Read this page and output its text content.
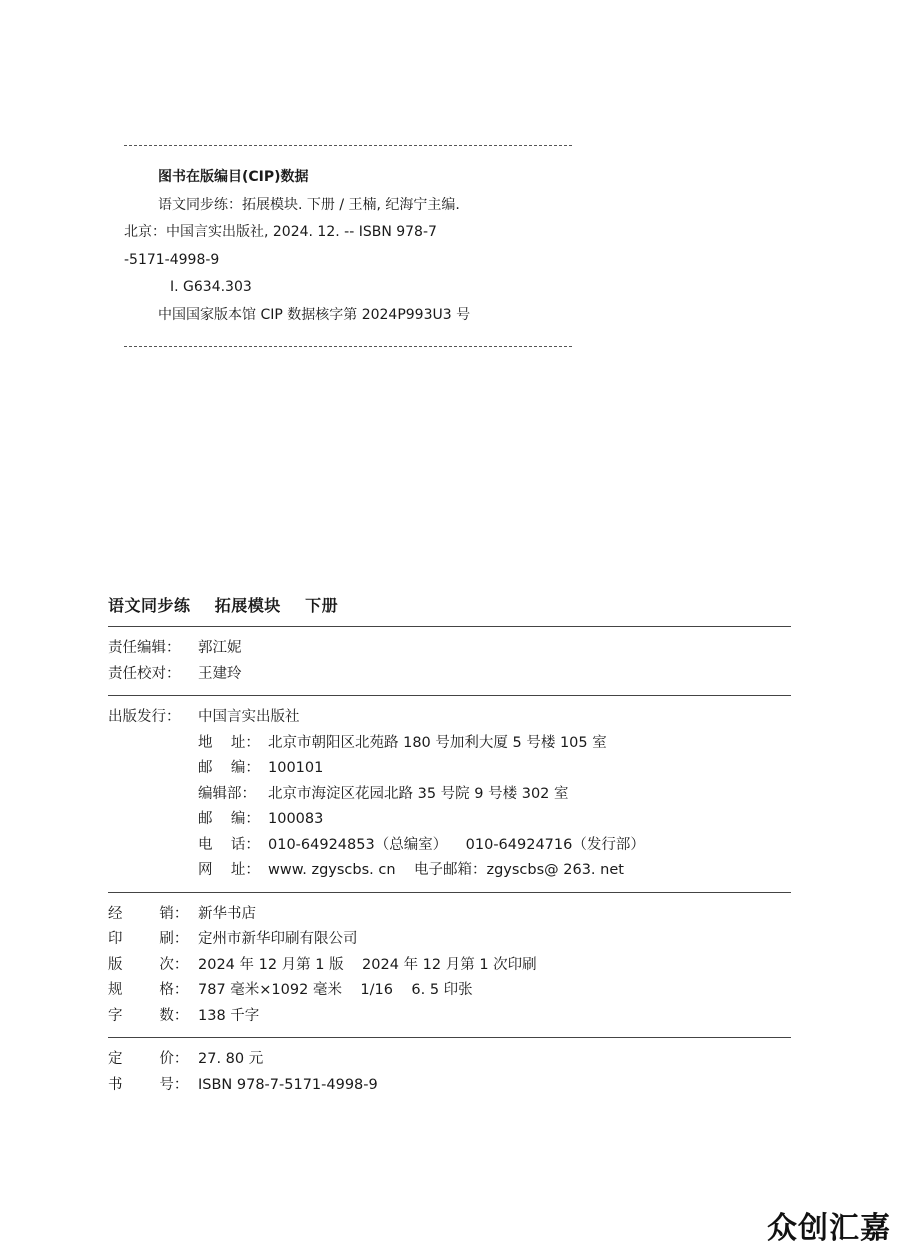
图书在版编目(CIP)数据
语文同步练：拓展模块. 下册 / 王楠, 纪海宁主编.
北京：中国言实出版社, 2024. 12. -- ISBN 978-7
-5171-4998-9
Ⅰ. G634.303
中国国家版本馆 CIP 数据核字第 2024P993U3 号
语文同步练    拓展模块    下册
责任编辑：	郭江妮
责任校对：	王建玲
出版发行：	中国言实出版社
地    址： 北京市朝阳区北苑路 180 号加利大厦 5 号楼 105 室
邮    编： 100101
编辑部： 北京市海淀区花园北路 35 号院 9 号楼 302 室
邮    编： 100083
电    话： 010-64924853（总编室）    010-64924716（发行部）
网    址： www. zgyscbs. cn    电子邮箱：zgyscbs@ 263. net
经        销： 新华书店
印        刷： 定州市新华印刷有限公司
版        次： 2024 年 12 月第 1 版    2024 年 12 月第 1 次印刷
规        格： 787 毫米×1092 毫米    1/16    6. 5 印张
字        数： 138 千字
定        价： 27. 80 元
书        号： ISBN 978-7-5171-4998-9
众创汇嘉
